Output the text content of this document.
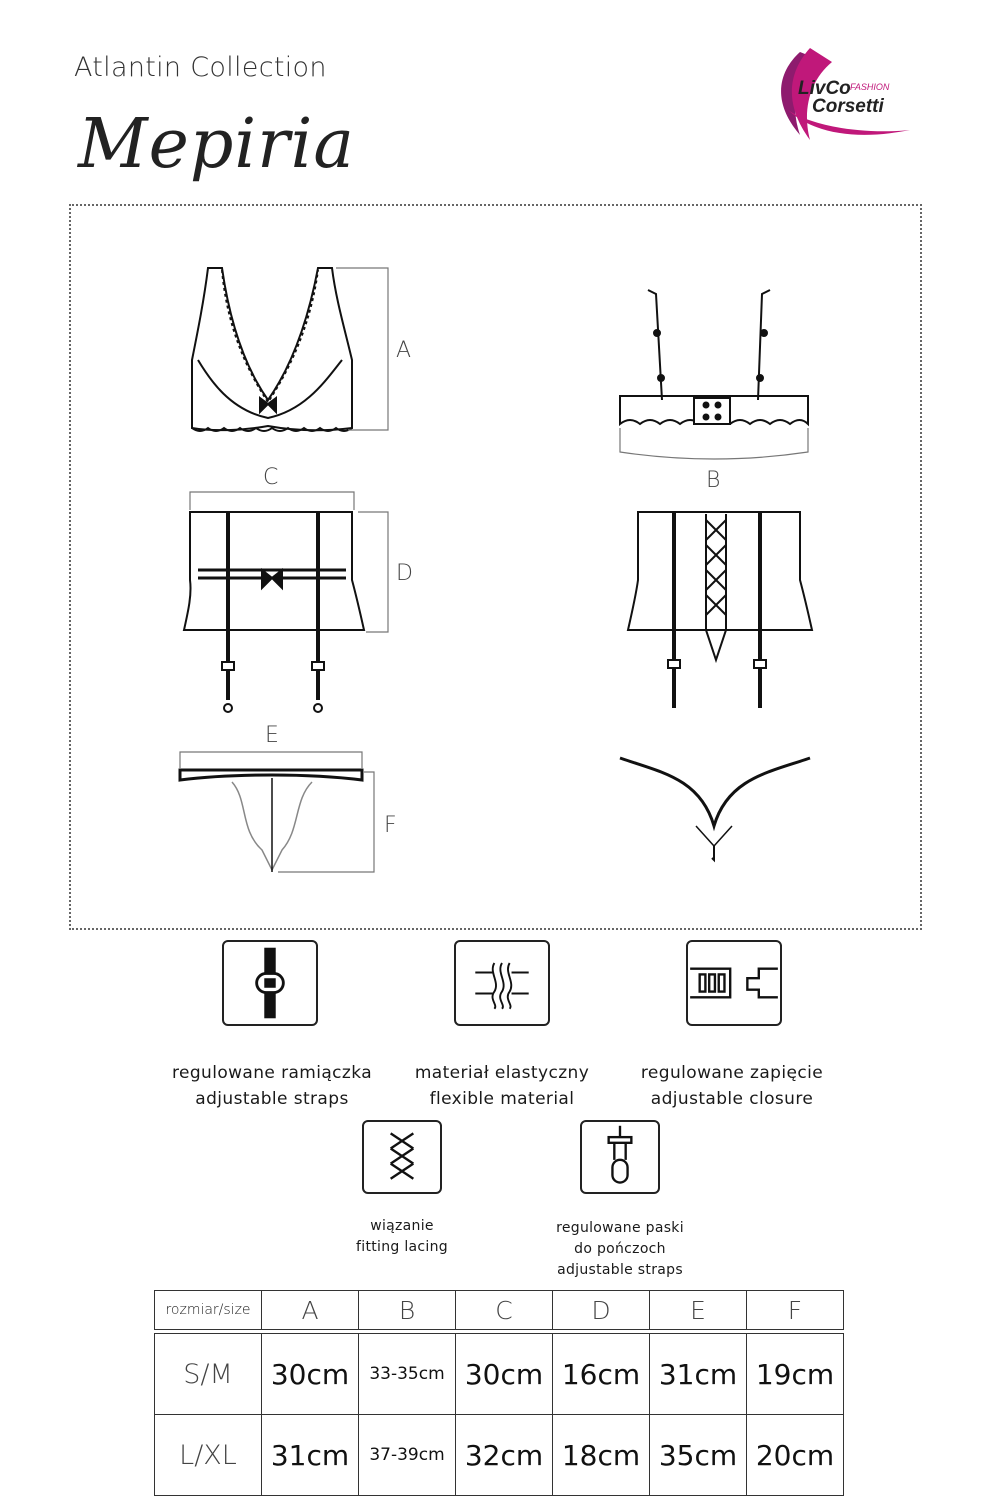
Atlantin Collection
Mepiria
LivCo FASHION
Corsetti
A
B
C
D
E
F
regulowane ramiączka
adjustable straps
materiał elastyczny
flexible material
regulowane zapięcie
adjustable closure
wiązanie
fitting lacing
regulowane paski
do pończoch
adjustable straps
rozmiar/size	A	B	C	D	E	F
S/M	30cm	33-35cm	30cm	16cm	31cm	19cm
L/XL	31cm	37-39cm	32cm	18cm	35cm	20cm
